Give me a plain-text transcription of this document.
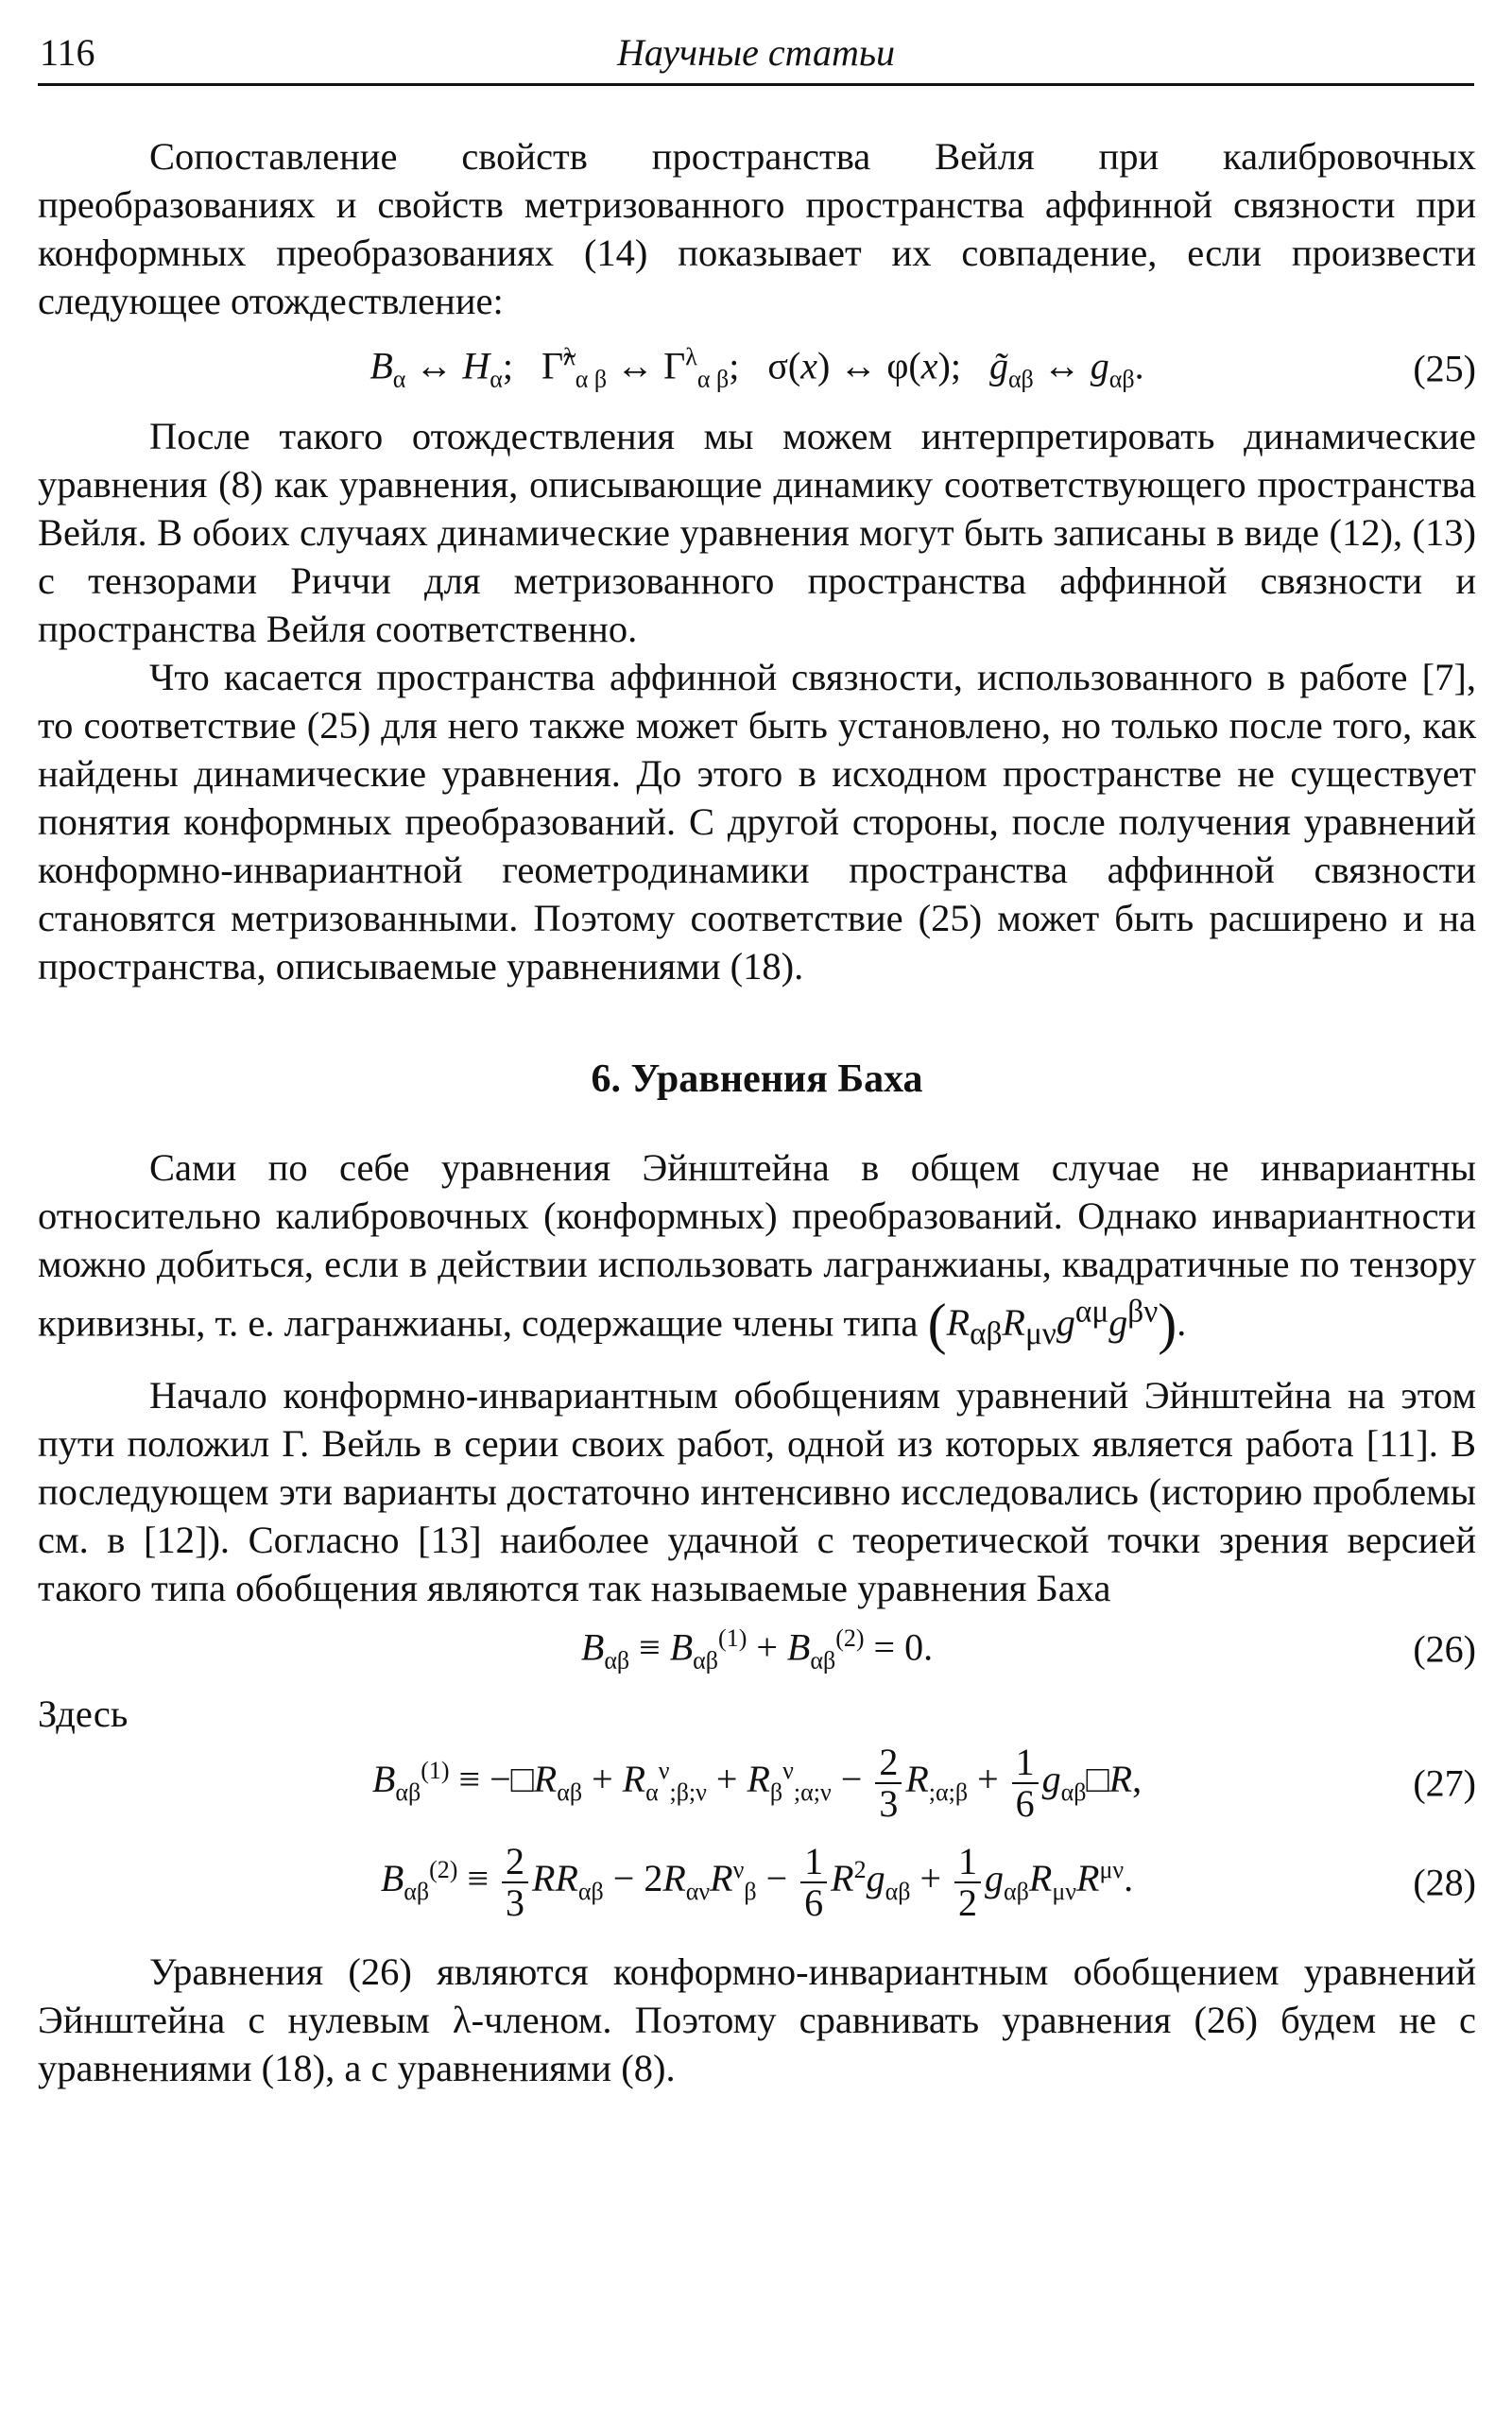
116	Научные статьи

Сопоставление свойств пространства Вейля при калибровочных преобразованиях и свойств метризованного пространства аффинной связности при конформных преобразованиях (14) показывает их совпадение, если произвести следующее отождествление:

$B_\alpha$ ↔ $H_\alpha$;   Γ̃$^\lambda_{\alpha \beta}$ ↔ $\Gamma^\lambda_{\alpha \beta}$;   σ(x) ↔ φ(x);   $g̃_{\alpha\beta}$ ↔ $g_{\alpha\beta}$.	(25)

После такого отождествления мы можем интерпретировать динамические уравнения (8) как уравнения, описывающие динамику соответствующего пространства Вейля. В обоих случаях динамические уравнения могут быть записаны в виде (12), (13) с тензорами Риччи для метризованного пространства аффинной связности и пространства Вейля соответственно.

Что касается пространства аффинной связности, использованного в работе [7], то соответствие (25) для него также может быть установлено, но только после того, как найдены динамические уравнения. До этого в исходном пространстве не существует понятия конформных преобразований. С другой стороны, после получения уравнений конформно-инвариантной геометродинамики пространства аффинной связности становятся метризованными. Поэтому соответствие (25) может быть расширено и на пространства, описываемые уравнениями (18).

6. Уравнения Баха

Сами по себе уравнения Эйнштейна в общем случае не инвариантны относительно калибровочных (конформных) преобразований. Однако инвариантности можно добиться, если в действии использовать лагранжианы, квадратичные по тензору кривизны, т. е. лагранжианы, содержащие члены типа $(R_{\alpha\beta}R_{\mu\nu}g^{\alpha\mu}g^{\beta\nu})$.

Начало конформно-инвариантным обобщениям уравнений Эйнштейна на этом пути положил Г. Вейль в серии своих работ, одной из которых является работа [11]. В последующем эти варианты достаточно интенсивно исследовались (историю проблемы см. в [12]). Согласно [13] наиболее удачной с теоретической точки зрения версией такого типа обобщения являются так называемые уравнения Баха

$B_{\alpha\beta} \equiv B_{\alpha\beta}^{(1)} + B_{\alpha\beta}^{(2)} = 0$.	(26)
Здесь
$B_{\alpha\beta}^{(1)}$ ≡ $-□R_{\alpha\beta} + R_\alpha^\nu_{;\beta;\nu} + R_\beta^\nu_{;\alpha;\nu} - \frac{2}{3} R_{;\alpha;\beta} + \frac{1}{6}$ $g_{\alpha\beta}□R$,	(27)
$B_{\alpha\beta}^{(2)} \equiv \frac{2}{3} RR_{\alpha\beta} - 2R_{\alpha\nu}R^\nu_\beta - \frac{1}{6} R^2g_{\alpha\beta} + \frac{1}{2} g_{\alpha\beta}R_{\mu\nu}R^{\mu\nu}$.	(28)

Уравнения (26) являются конформно-инвариантным обобщением уравнений Эйнштейна с нулевым λ-членом. Поэтому сравнивать уравнения (26) будем не с уравнениями (18), а с уравнениями (8).
